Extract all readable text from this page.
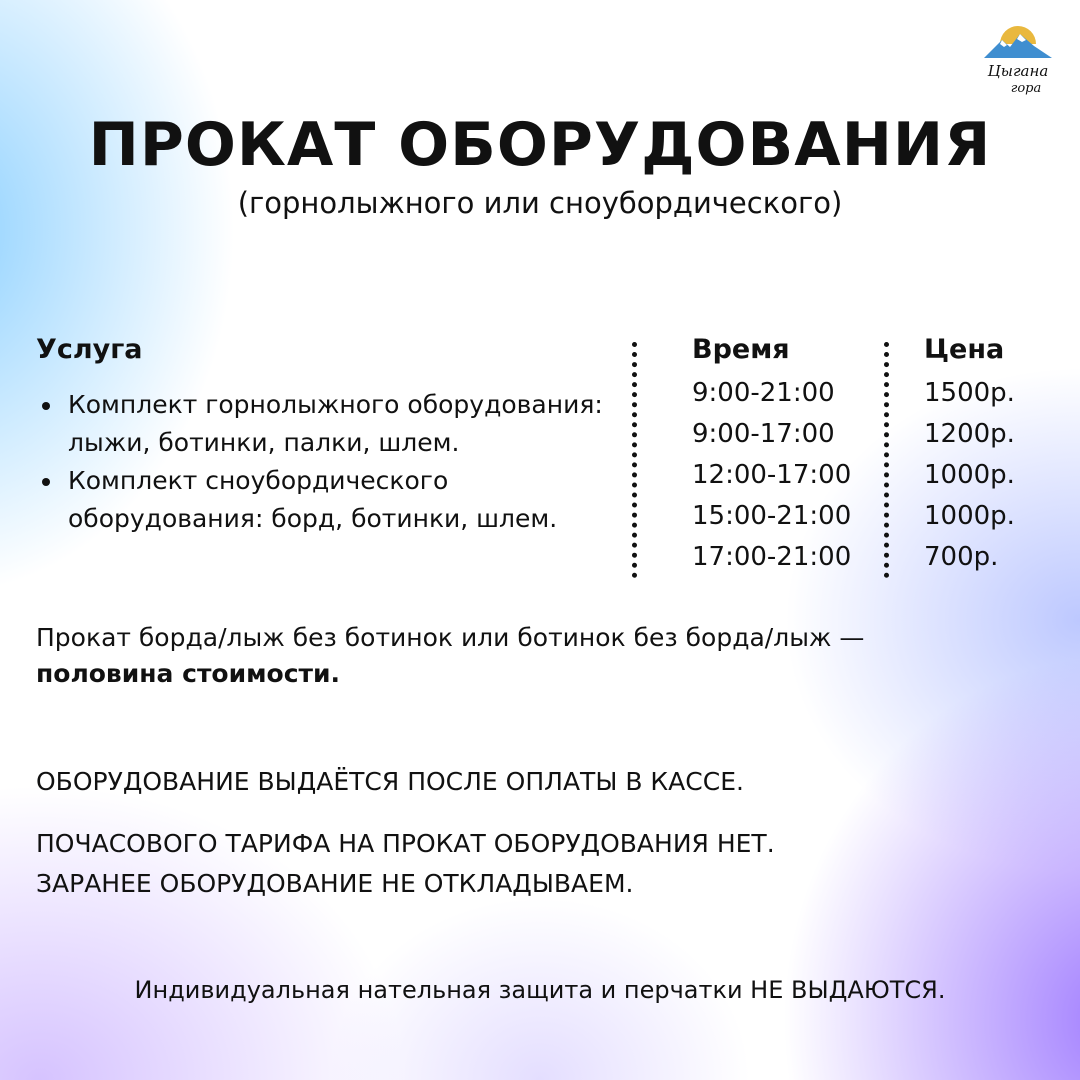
Цыгана
гора
ПРОКАТ ОБОРУДОВАНИЯ

(горнолыжного или сноубордического)

Услуга	Время	Цена
Комплект горнолыжного оборудования: лыжи, ботинки, палки, шлем.
Комплект сноубордического оборудования: борд, ботинки, шлем.
9:00-21:00
9:00-17:00
12:00-17:00
15:00-21:00
17:00-21:00
1500р.
1200р.
1000р.
1000р.
700р.

Прокат борда/лыж без ботинок или ботинок без борда/лыж —
половина стоимости.

ОБОРУДОВАНИЕ ВЫДАЁТСЯ ПОСЛЕ ОПЛАТЫ В КАССЕ.

ПОЧАСОВОГО ТАРИФА НА ПРОКАТ ОБОРУДОВАНИЯ НЕТ.

ЗАРАНЕЕ ОБОРУДОВАНИЕ НЕ ОТКЛАДЫВАЕМ.

Индивидуальная нательная защита и перчатки НЕ ВЫДАЮТСЯ.
